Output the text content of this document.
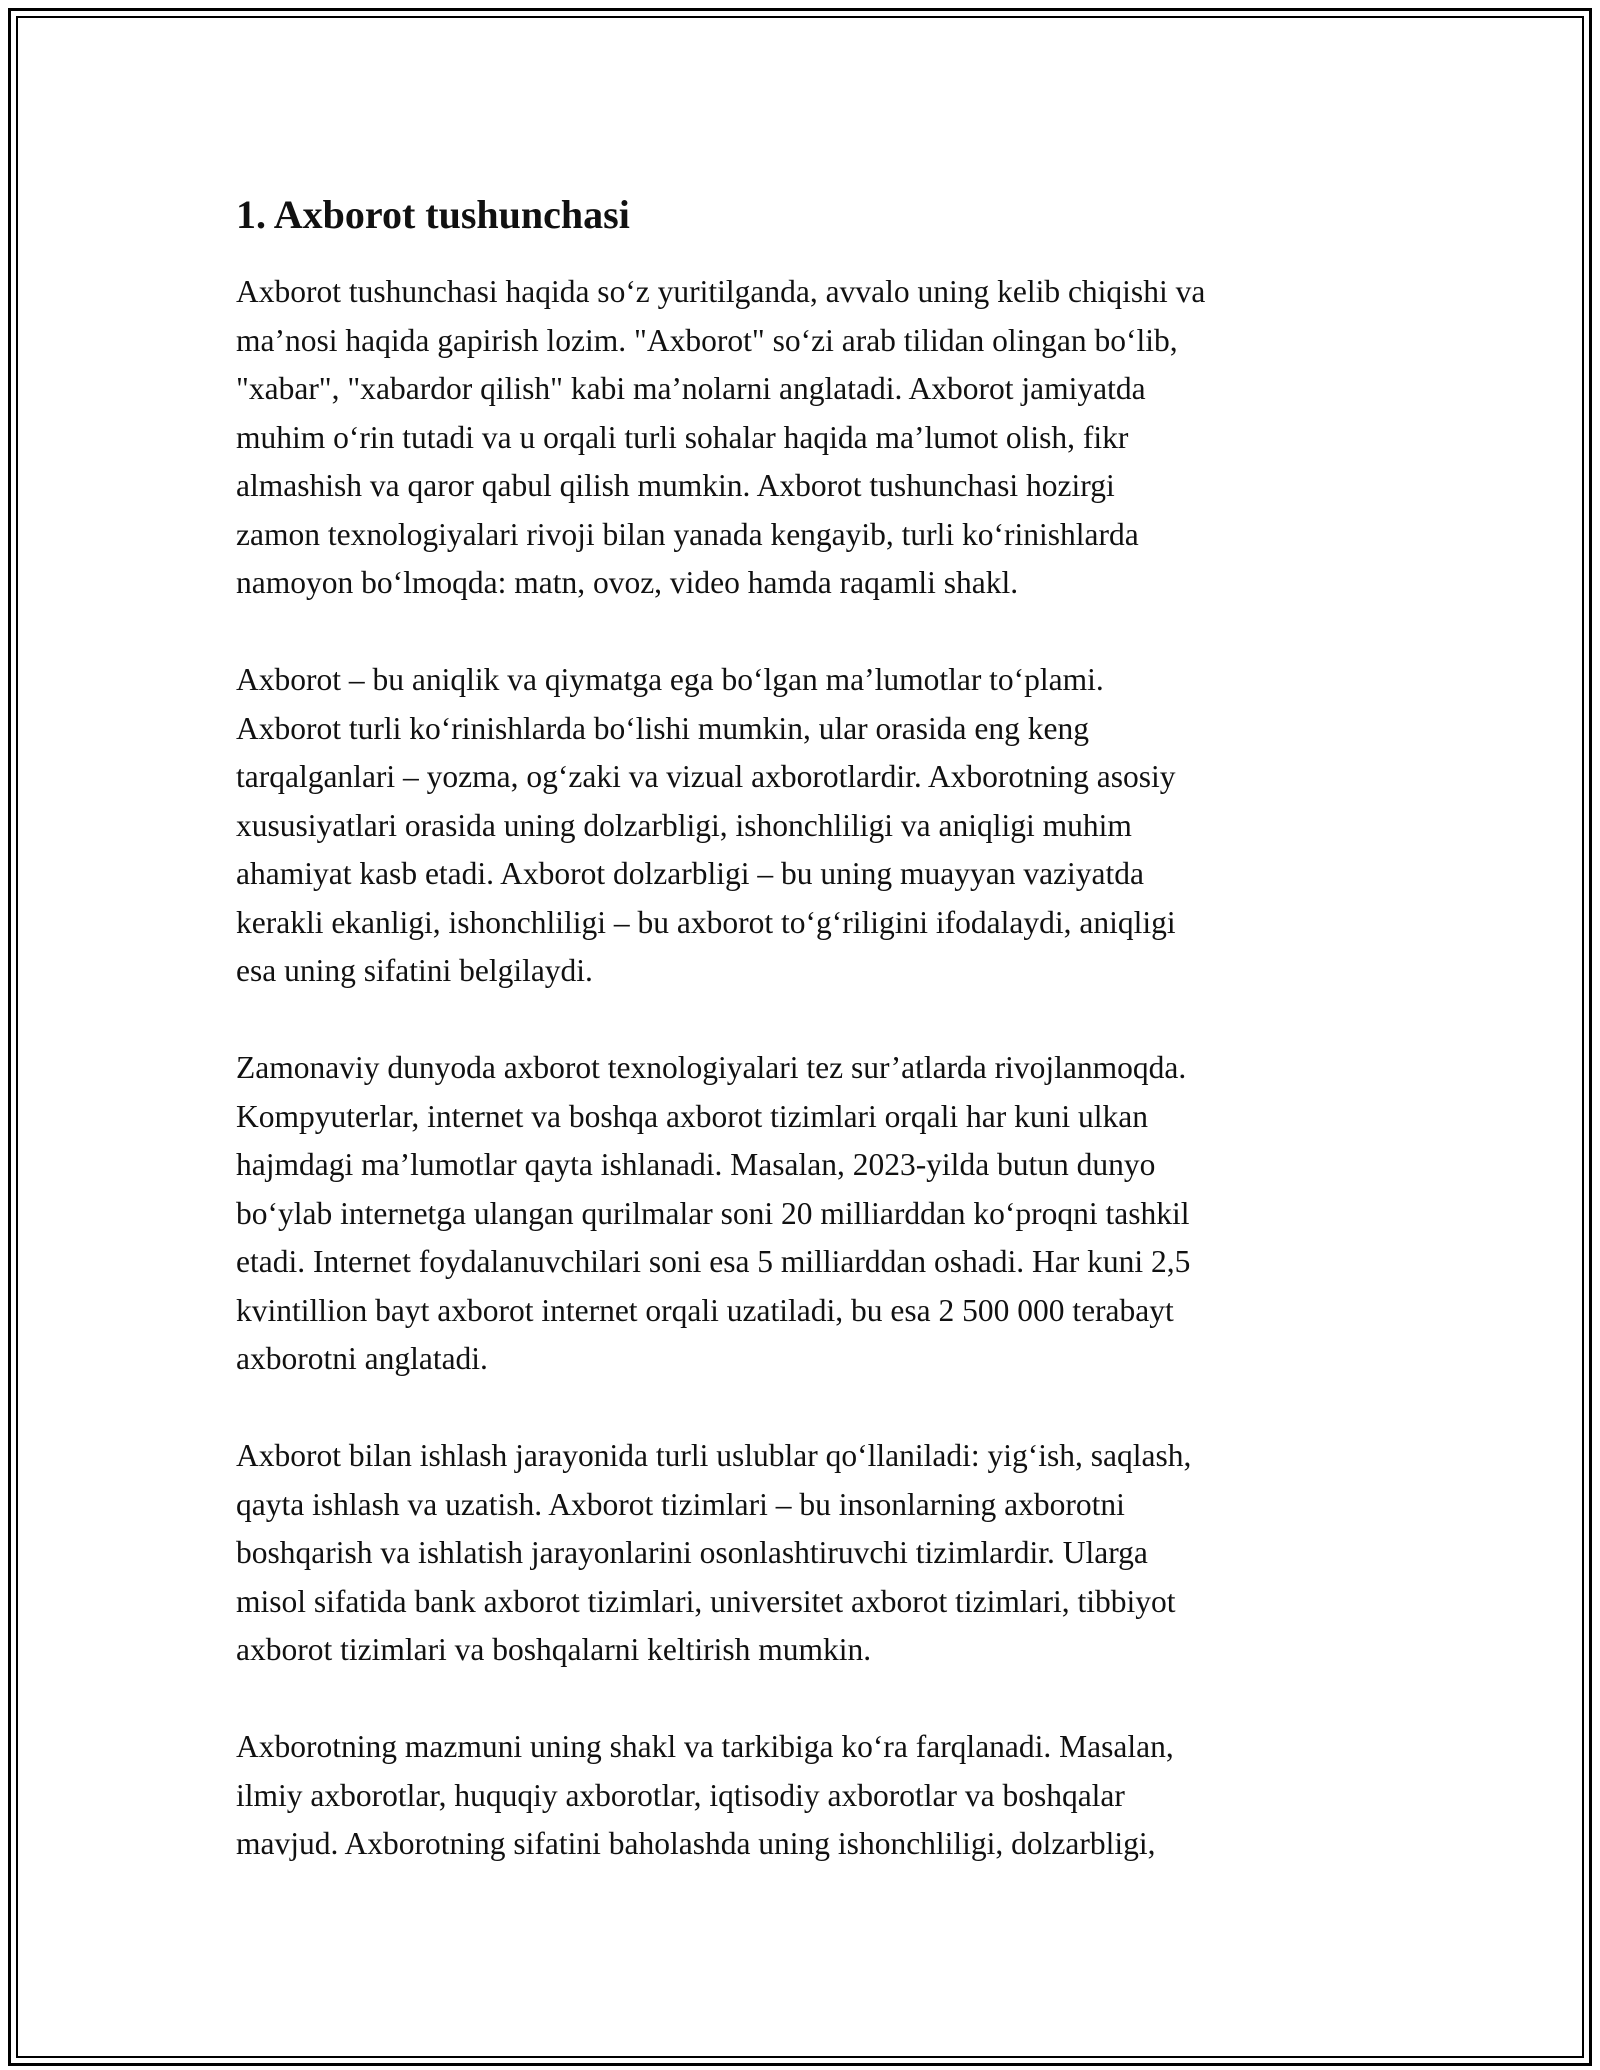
1. Axborot tushunchasi

Axborot tushunchasi haqida so‘z yuritilganda, avvalo uning kelib chiqishi va
ma’nosi haqida gapirish lozim. "Axborot" so‘zi arab tilidan olingan bo‘lib,
"xabar", "xabardor qilish" kabi ma’nolarni anglatadi. Axborot jamiyatda
muhim o‘rin tutadi va u orqali turli sohalar haqida ma’lumot olish, fikr
almashish va qaror qabul qilish mumkin. Axborot tushunchasi hozirgi
zamon texnologiyalari rivoji bilan yanada kengayib, turli ko‘rinishlarda
namoyon bo‘lmoqda: matn, ovoz, video hamda raqamli shakl.

Axborot – bu aniqlik va qiymatga ega bo‘lgan ma’lumotlar to‘plami.
Axborot turli ko‘rinishlarda bo‘lishi mumkin, ular orasida eng keng
tarqalganlari – yozma, og‘zaki va vizual axborotlardir. Axborotning asosiy
xususiyatlari orasida uning dolzarbligi, ishonchliligi va aniqligi muhim
ahamiyat kasb etadi. Axborot dolzarbligi – bu uning muayyan vaziyatda
kerakli ekanligi, ishonchliligi – bu axborot to‘g‘riligini ifodalaydi, aniqligi
esa uning sifatini belgilaydi.

Zamonaviy dunyoda axborot texnologiyalari tez sur’atlarda rivojlanmoqda.
Kompyuterlar, internet va boshqa axborot tizimlari orqali har kuni ulkan
hajmdagi ma’lumotlar qayta ishlanadi. Masalan, 2023-yilda butun dunyo
bo‘ylab internetga ulangan qurilmalar soni 20 milliarddan ko‘proqni tashkil
etadi. Internet foydalanuvchilari soni esa 5 milliarddan oshadi. Har kuni 2,5
kvintillion bayt axborot internet orqali uzatiladi, bu esa 2 500 000 terabayt
axborotni anglatadi.

Axborot bilan ishlash jarayonida turli uslublar qo‘llaniladi: yig‘ish, saqlash,
qayta ishlash va uzatish. Axborot tizimlari – bu insonlarning axborotni
boshqarish va ishlatish jarayonlarini osonlashtiruvchi tizimlardir. Ularga
misol sifatida bank axborot tizimlari, universitet axborot tizimlari, tibbiyot
axborot tizimlari va boshqalarni keltirish mumkin.

Axborotning mazmuni uning shakl va tarkibiga ko‘ra farqlanadi. Masalan,
ilmiy axborotlar, huquqiy axborotlar, iqtisodiy axborotlar va boshqalar
mavjud. Axborotning sifatini baholashda uning ishonchliligi, dolzarbligi,
